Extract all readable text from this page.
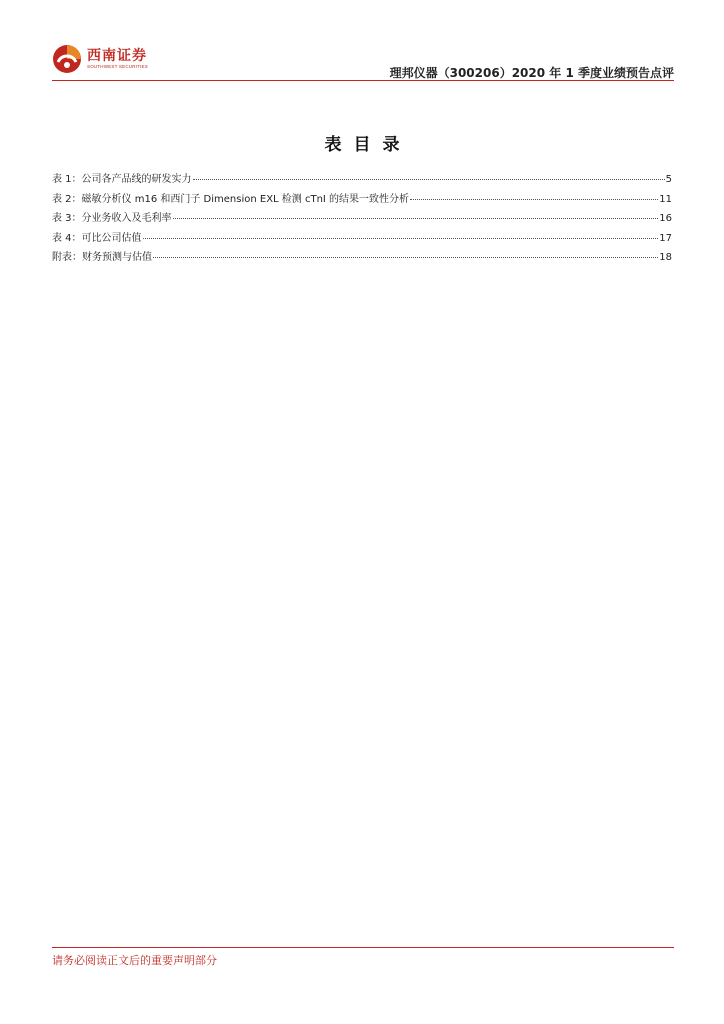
西南证券
SOUTHWEST SECURITIES	理邦仪器（300206）2020 年 1 季度业绩预告点评
表目录
表 1：公司各产品线的研发实力	5
表 2：磁敏分析仪 m16 和西门子 Dimension EXL 检测 cTnI 的结果一致性分析	11
表 3：分业务收入及毛利率	16
表 4：可比公司估值	17
附表：财务预测与估值	18
请务必阅读正文后的重要声明部分
